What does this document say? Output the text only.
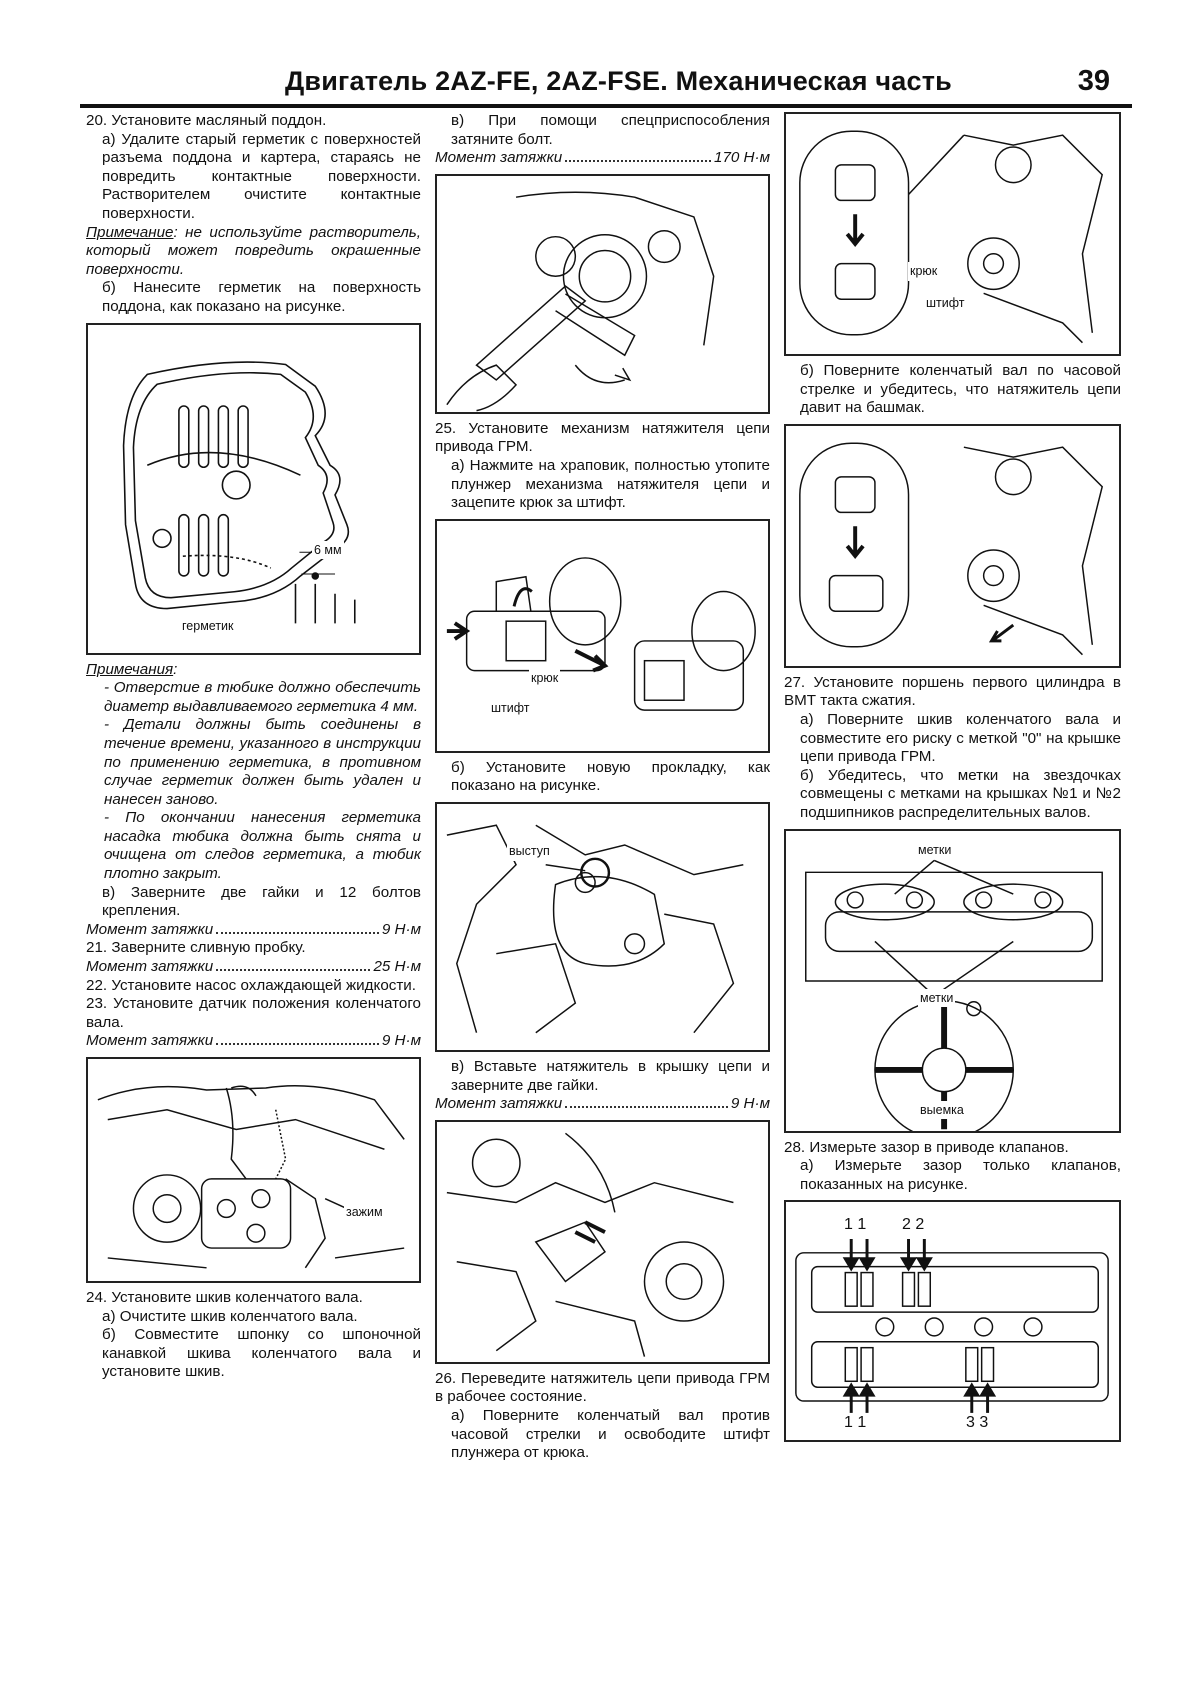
Двигатель 2AZ-FE, 2AZ-FSE. Механическая часть	39

20. Установите масляный поддон.

а) Удалите старый герметик с поверхностей разъема поддона и картера, стараясь не повредить контактные поверхности. Растворителем очистите контактные поверхности.

Примечание: не используйте растворитель, который может повредить окрашенные поверхности.

б) Нанесите герметик на поверхность поддона, как показано на рисунке.

6 мм
герметик

Примечания:

- Отверстие в тюбике должно обеспечить диаметр выдавливаемого герметика 4 мм.

- Детали должны быть соединены в течение времени, указанного в инструкции по применению герметика, в противном случае герметик должен быть удален и нанесен заново.

- По окончании нанесения герметика насадка тюбика должна быть снята и очищена от следов герметика, а тюбик плотно закрыт.

в) Заверните две гайки и 12 болтов крепления.

Момент затяжки	9 Н·м

21. Заверните сливную пробку.

Момент затяжки	25 Н·м

22. Установите насос охлаждающей жидкости.

23. Установите датчик положения коленчатого вала.

Момент затяжки	9 Н·м

зажим

24. Установите шкив коленчатого вала.

а) Очистите шкив коленчатого вала.

б) Совместите шпонку со шпоночной канавкой шкива коленчатого вала и установите шкив.

в) При помощи спецприспособления затяните болт.

Момент затяжки	170 Н·м

25. Установите механизм натяжителя цепи привода ГРМ.

а) Нажмите на храповик, полностью утопите плунжер механизма натяжителя цепи и зацепите крюк за штифт.

крюк
штифт

б) Установите новую прокладку, как показано на рисунке.

выступ

в) Вставьте натяжитель в крышку цепи и заверните две гайки.

Момент затяжки	9 Н·м

26. Переведите натяжитель цепи привода ГРМ в рабочее состояние.

а) Поверните коленчатый вал против часовой стрелки и освободите штифт плунжера от крюка.

крюк
штифт

б) Поверните коленчатый вал по часовой стрелке и убедитесь, что натяжитель цепи давит на башмак.

27. Установите поршень первого цилиндра в ВМТ такта сжатия.

а) Поверните шкив коленчатого вала и совместите его риску с меткой "0" на крышке цепи привода ГРМ.

б) Убедитесь, что метки на звездочках совмещены с метками на крышках №1 и №2 подшипников распределительных валов.

метки
метки
выемка

28. Измерьте зазор в приводе клапанов.

а) Измерьте зазор только клапанов, показанных на рисунке.

1 1 2 2
1 1	3 3
